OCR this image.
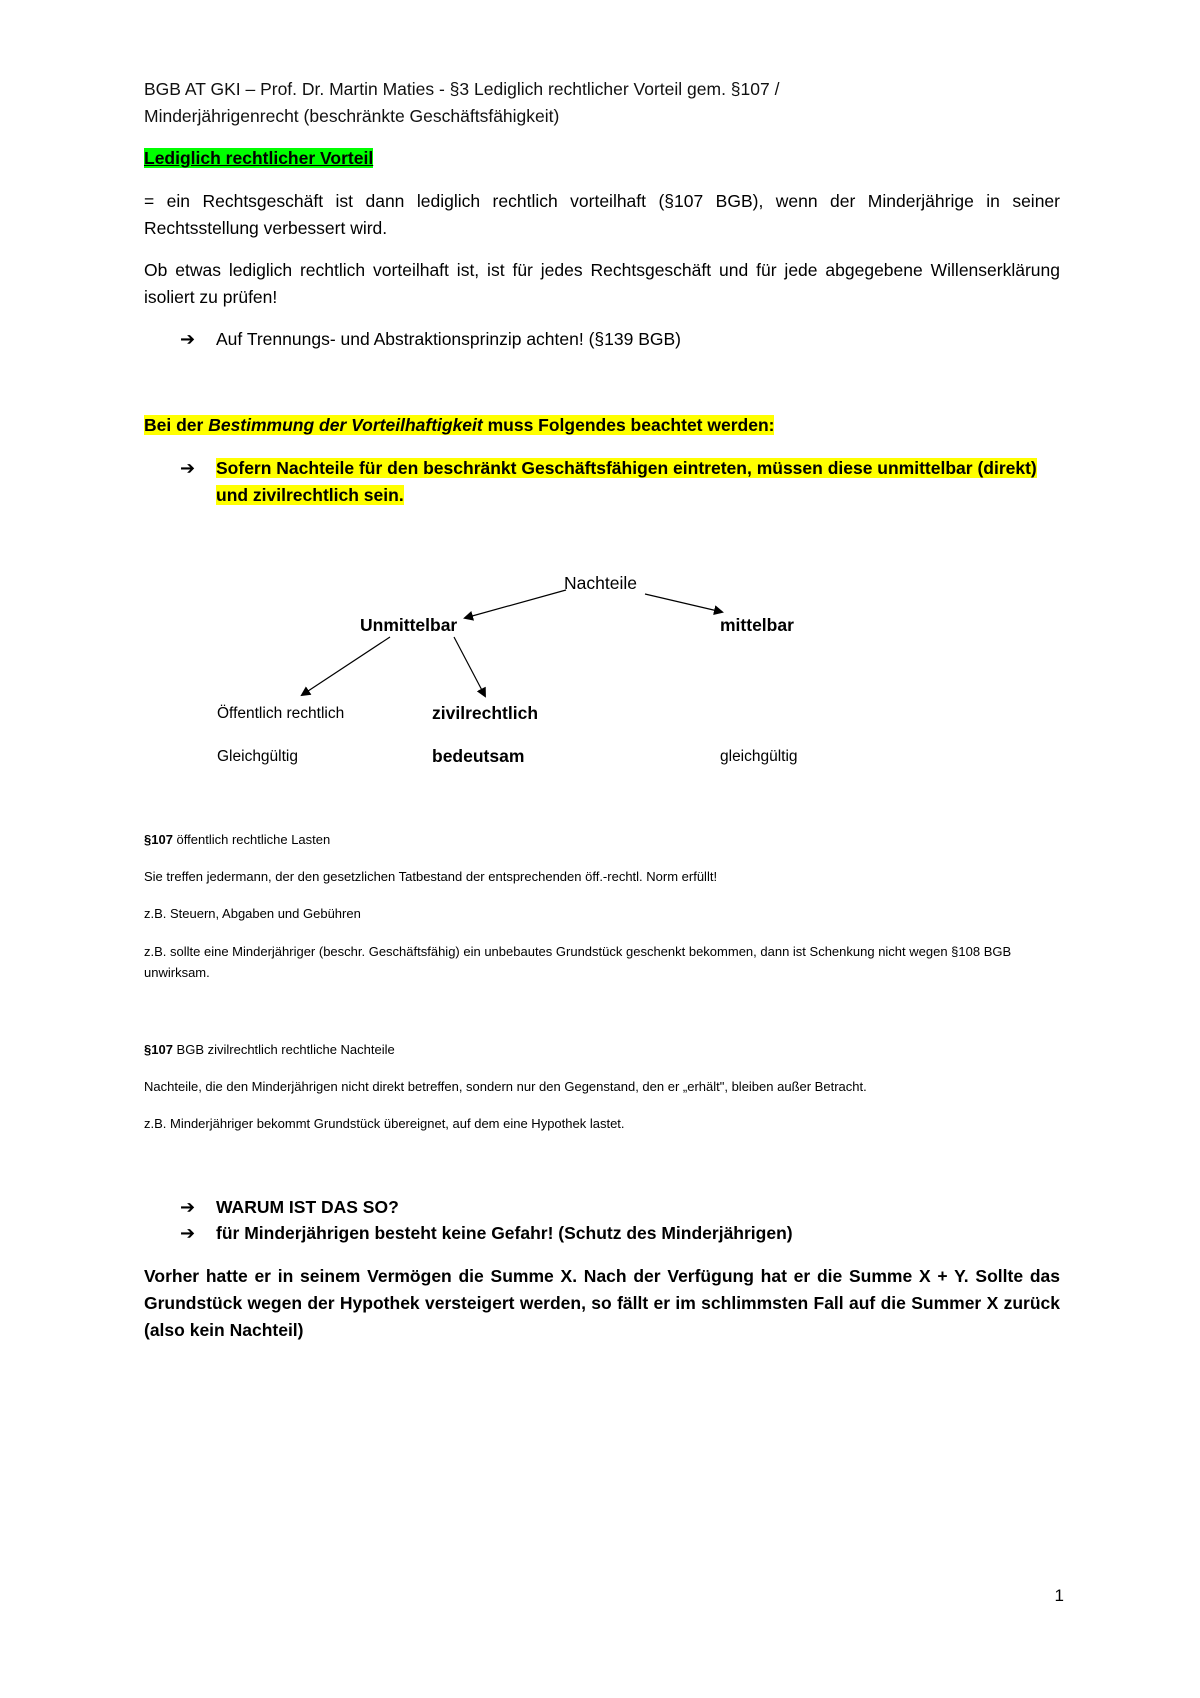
BGB AT GKI – Prof. Dr. Martin Maties - §3 Lediglich rechtlicher Vorteil gem. §107 /
Minderjährigenrecht (beschränkte Geschäftsfähigkeit)
Lediglich rechtlicher Vorteil

= ein Rechtsgeschäft ist dann lediglich rechtlich vorteilhaft (§107 BGB), wenn der Minderjährige in seiner Rechtsstellung verbessert wird.

Ob etwas lediglich rechtlich vorteilhaft ist, ist für jedes Rechtsgeschäft und für jede abgegebene Willenserklärung isoliert zu prüfen!

➔ Auf Trennungs- und Abstraktionsprinzip achten! (§139 BGB)
Bei der Bestimmung der Vorteilhaftigkeit muss Folgendes beachtet werden:
➔ Sofern Nachteile für den beschränkt Geschäftsfähigen eintreten, müssen diese unmittelbar (direkt) und zivilrechtlich sein.
Nachteile
Unmittelbar	mittelbar
Öffentlich rechtlich	zivilrechtlich
Gleichgültig	bedeutsam	gleichgültig
§107 öffentlich rechtliche Lasten
Sie treffen jedermann, der den gesetzlichen Tatbestand der entsprechenden öff.-rechtl. Norm erfüllt!
z.B. Steuern, Abgaben und Gebühren
z.B. sollte eine Minderjähriger (beschr. Geschäftsfähig) ein unbebautes Grundstück geschenkt bekommen, dann ist Schenkung nicht wegen §108 BGB unwirksam.
§107 BGB zivilrechtlich rechtliche Nachteile
Nachteile, die den Minderjährigen nicht direkt betreffen, sondern nur den Gegenstand, den er „erhält", bleiben außer Betracht.
z.B. Minderjähriger bekommt Grundstück übereignet, auf dem eine Hypothek lastet.
➔ WARUM IST DAS SO?
➔ für Minderjährigen besteht keine Gefahr! (Schutz des Minderjährigen)

Vorher hatte er in seinem Vermögen die Summe X. Nach der Verfügung hat er die Summe X + Y. Sollte das Grundstück wegen der Hypothek versteigert werden, so fällt er im schlimmsten Fall auf die Summer X zurück (also kein Nachteil)

1
